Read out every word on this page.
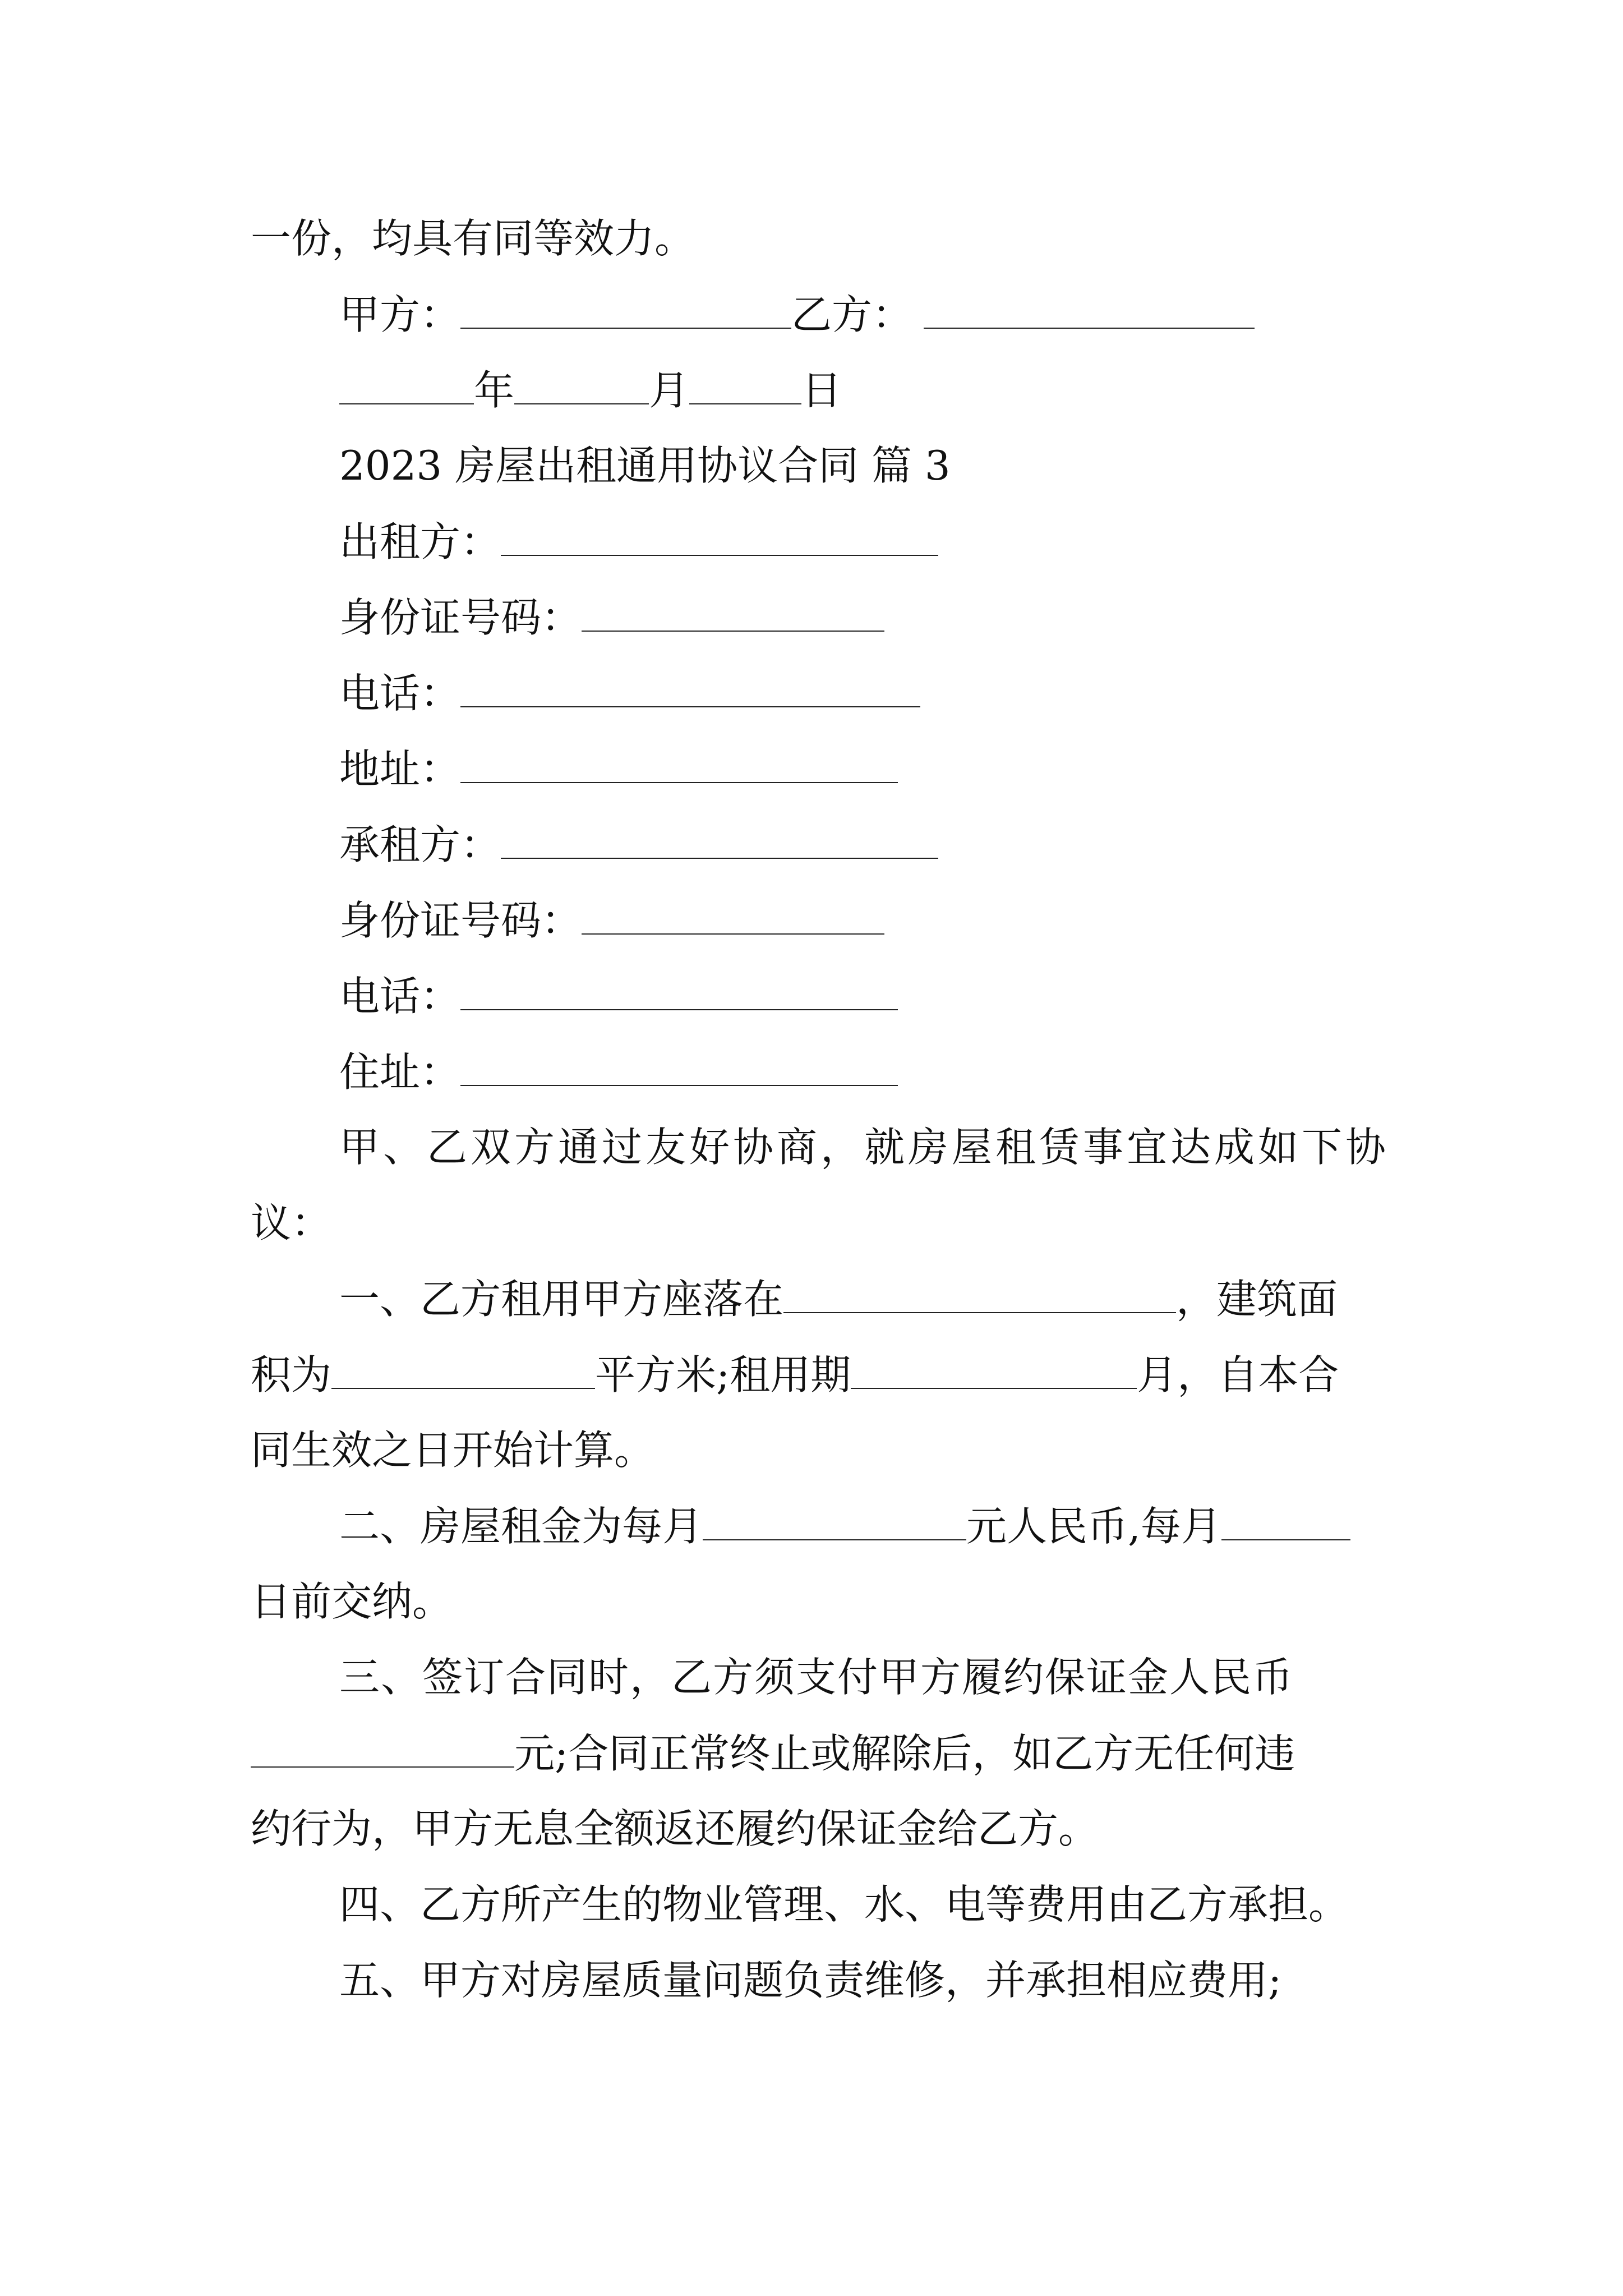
一份，均具有同等效力。
甲方：	乙方：
年	月	日
2023 房屋出租通用协议合同 篇 3
出租方：
身份证号码：
电话：
地址：
承租方：
身份证号码：
电话：
住址：
甲、乙双方通过友好协商，就房屋租赁事宜达成如下协
议：
一、乙方租用甲方座落在	，建筑面
积为	平方米;租用期	月，自本合
同生效之日开始计算。
二、房屋租金为每月	元人民币,每月
日前交纳。
三、签订合同时，乙方须支付甲方履约保证金人民币
元;合同正常终止或解除后，如乙方无任何违
约行为，甲方无息全额返还履约保证金给乙方。
四、乙方所产生的物业管理、水、电等费用由乙方承担。
五、甲方对房屋质量问题负责维修，并承担相应费用;
